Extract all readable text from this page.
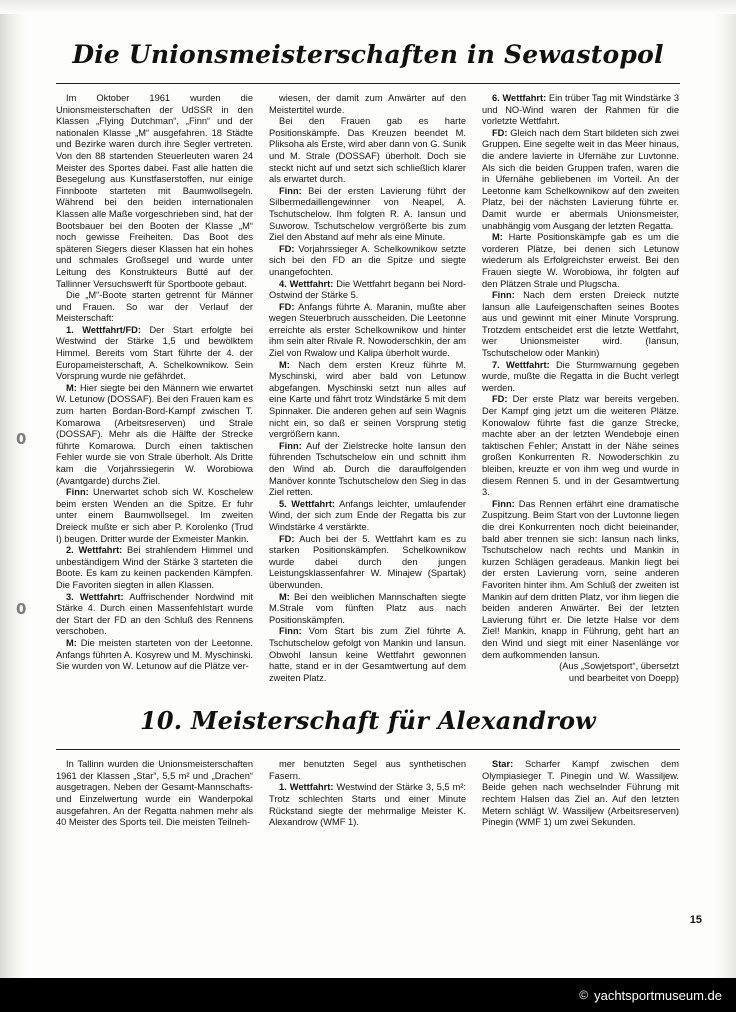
0
0
Die Unionsmeisterschaften in Sewastopol

Im Oktober 1961 wurden die Unionsmeisterschaften der UdSSR in den Klassen „Flying Dutchman“, „Finn“ und der nationalen Klasse „M“ ausgefahren. 18 Städte und Bezirke waren durch ihre Segler vertreten. Von den 88 startenden Steuerleuten waren 24 Meister des Sportes dabei. Fast alle hatten die Besegelung aus Kunstfaserstoffen, nur einige Finnboote starteten mit Baumwollsegeln. Während bei den beiden internationalen Klassen alle Maße vorgeschrieben sind, hat der Bootsbauer bei den Booten der Klasse „M“ noch gewisse Freiheiten. Das Boot des späteren Siegers dieser Klassen hat ein hohes und schmales Großsegel und wurde unter Leitung des Konstrukteurs Butté auf der Tallinner Versuchswerft für Sportboote gebaut.

Die „M“-Boote starten getrennt für Männer und Frauen. So war der Verlauf der Meisterschaft:

1. Wettfahrt/FD: Der Start erfolgte bei Westwind der Stärke 1,5 und bewölktem Himmel. Bereits vom Start führte der 4. der Europameisterschaft, A. Schelkownikow. Sein Vorsprung wurde nie gefährdet.

M: Hier siegte bei den Männern wie erwartet W. Letunow (DOSSAF). Bei den Frauen kam es zum harten Bordan-Bord-Kampf zwischen T. Komarowa (Arbeitsreserven) und Strale (DOSSAF). Mehr als die Hälfte der Strecke führte Komarowa. Durch einen taktischen Fehler wurde sie von Strale überholt. Als Dritte kam die Vorjahrssiegerin W. Worobiowa (Avantgarde) durchs Ziel.

Finn: Unerwartet schob sich W. Koschelew beim ersten Wenden an die Spitze. Er fuhr unter einem Baumwollsegel. Im zweiten Dreieck mußte er sich aber P. Korolenko (Trud I) beugen. Dritter wurde der Exmeister Mankin.

2. Wettfahrt: Bei strahlendem Himmel und unbeständigem Wind der Stärke 3 starteten die Boote. Es kam zu keinen packenden Kämpfen. Die Favoriten siegten in allen Klassen.

3. Wettfahrt: Auffrischender Nordwind mit Stärke 4. Durch einen Massenfehlstart wurde der Start der FD an den Schluß des Rennens verschoben.

M: Die meisten starteten von der Leetonne. Anfangs führten A. Kosyrew und M. Myschinski. Sie wurden von W. Letunow auf die Plätze ver-

wiesen, der damit zum Anwärter auf den Meistertitel wurde.

Bei den Frauen gab es harte Positionskämpfe. Das Kreuzen beendet M. Pliksoha als Erste, wird aber dann von G. Sunik und M. Strale (DOSSAF) überholt. Doch sie steckt nicht auf und setzt sich schließlich klarer als erwartet durch.

Finn: Bei der ersten Lavierung führt der Silbermedaillengewinner von Neapel, A. Tschutschelow. Ihm folgten R. A. Iansun und Suworow. Tschutschelow vergrößerte bis zum Ziel den Abstand auf mehr als eine Minute.

FD: Vorjahrssieger A. Schelkownikow setzte sich bei den FD an die Spitze und siegte unangefochten.

4. Wettfahrt: Die Wettfahrt begann bei Nord-Ostwind der Stärke 5.

FD: Anfangs führte A. Maranin, mußte aber wegen Steuerbruch ausscheiden. Die Leetonne erreichte als erster Schelkownikow und hinter ihm sein alter Rivale R. Nowoderschkin, der am Ziel von Rwalow und Kalipa überholt wurde.

M: Nach dem ersten Kreuz führte M. Myschinski, wird aber bald von Letunow abgefangen. Myschinski setzt nun alles auf eine Karte und fährt trotz Windstärke 5 mit dem Spinnaker. Die anderen gehen auf sein Wagnis nicht ein, so daß er seinen Vorsprung stetig vergrößern kann.

Finn: Auf der Zielstrecke holte Iansun den führenden Tschutschelow ein und schnitt ihm den Wind ab. Durch die darauffolgenden Manöver konnte Tschutschelow den Sieg in das Ziel retten.

5. Wettfahrt: Anfangs leichter, umlaufender Wind, der sich zum Ende der Regatta bis zur Windstärke 4 verstärkte.

FD: Auch bei der 5. Wettfahrt kam es zu starken Positionskämpfen. Schelkownikow wurde dabei durch den jungen Leistungsklassenfahrer W. Minajew (Spartak) überwunden.

M: Bei den weiblichen Mannschaften siegte M.Strale vom fünften Platz aus nach Positionskämpfen.

Finn: Vom Start bis zum Ziel führte A. Tschutschelow gefolgt von Mankin und Iansun. Obwohl Iansun keine Wettfahrt gewonnen hatte, stand er in der Gesamtwertung auf dem zweiten Platz.

6. Wettfahrt: Ein trüber Tag mit Windstärke 3 und NO-Wind waren der Rahmen für die vorletzte Wettfahrt.

FD: Gleich nach dem Start bildeten sich zwei Gruppen. Eine segelte weit in das Meer hinaus, die andere lavierte in Ufernähe zur Luvtonne. Als sich die beiden Gruppen trafen, waren die in Ufernähe gebliebenen im Vorteil. An der Leetonne kam Schelkownikow auf den zweiten Platz, bei der nächsten Lavierung führte er. Damit wurde er abermals Unionsmeister, unabhängig vom Ausgang der letzten Regatta.

M: Harte Positionskämpfe gab es um die vorderen Plätze, bei denen sich Letunow wiederum als Erfolgreichster erweist. Bei den Frauen siegte W. Worobiowa, ihr folgten auf den Plätzen Strale und Plugscha.

Finn: Nach dem ersten Dreieck nutzte Iansun alle Laufeigenschaften seines Bootes aus und gewinnt mit einer Minute Vorsprung. Trotzdem entscheidet erst die letzte Wettfahrt, wer Unionsmeister wird. (Iansun, Tschutschelow oder Mankin)

7. Wettfahrt: Die Sturmwarnung gegeben wurde, mußte die Regatta in die Bucht verlegt werden.

FD: Der erste Platz war bereits vergeben. Der Kampf ging jetzt um die weiteren Plätze. Konowalow führte fast die ganze Strecke, machte aber an der letzten Wendeboje einen taktischen Fehler; Anstatt in der Nähe seines großen Konkurrenten R. Nowoderschkin zu bleiben, kreuzte er von ihm weg und wurde in diesem Rennen 5. und in der Gesamtwertung 3.

Finn: Das Rennen erfährt eine dramatische Zuspitzung. Beim Start von der Luvtonne liegen die drei Konkurrenten noch dicht beieinander, bald aber trennen sie sich: Iansun nach links, Tschutschelow nach rechts und Mankin in kurzen Schlägen geradeaus. Mankin liegt bei der ersten Lavierung vorn, seine anderen Favoriten hinter ihm. Am Schluß der zweiten ist Mankin auf dem dritten Platz, vor ihm liegen die beiden anderen Anwärter. Bei der letzten Lavierung führt er. Die letzte Halse vor dem Ziel! Mankin, knapp in Führung, geht hart an den Wind und siegt mit einer Nasenlänge vor dem aufkommenden Iansun.

(Aus „Sowjetsport“, übersetzt

und bearbeitet von Doepp)

10. Meisterschaft für Alexandrow

In Tallinn wurden die Unionsmeisterschaften 1961 der Klassen „Star“, 5,5 m² und „Drachen“ ausgetragen. Neben der Gesamt-Mannschafts- und Einzelwertung wurde ein Wanderpokal ausgefahren. An der Regatta nahmen mehr als 40 Meister des Sports teil. Die meisten Teilneh-

mer benutzten Segel aus synthetischen Fasern.

1. Wettfahrt: Westwind der Stärke 3, 5,5 m²: Trotz schlechten Starts und einer Minute Rückstand siegte der mehrmalige Meister K. Alexandrow (WMF 1).

Star: Scharfer Kampf zwischen dem Olympiasieger T. Pinegin und W. Wassiljew. Beide gehen nach wechselnder Führung mit rechtem Halsen das Ziel an. Auf den letzten Metern schlägt W. Wassiljew (Arbeitsreserven) Pinegin (WMF 1) um zwei Sekunden.

15
© yachtsportmuseum.de
